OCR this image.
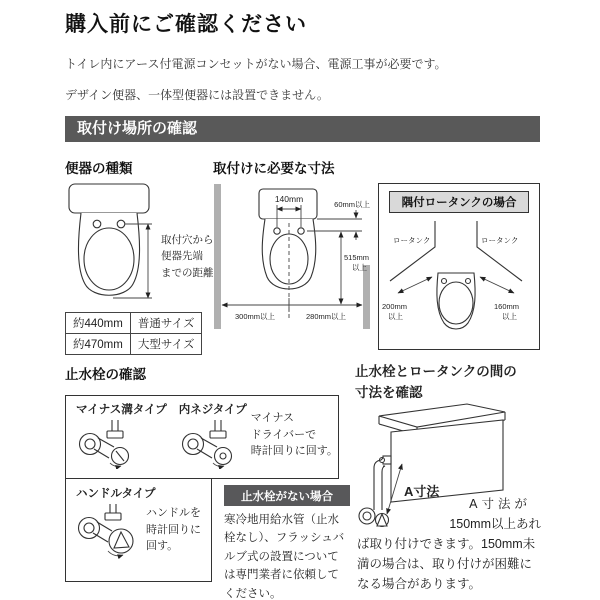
購入前にご確認ください
トイレ内にアース付電源コンセットがない場合、電源工事が必要です。
デザイン便器、一体型便器には設置できません。
取付け場所の確認
便器の種類
取付穴から
便器先端
までの距離
約440mm	普通サイズ
約470mm	大型サイズ
取付けに必要な寸法
140mm
60mm以上
515mm
以上
300mm以上	280mm以上
隅付ロータンクの場合
ロータンク	ロータンク
200mm
以上
160mm
以上
止水栓の確認
マイナス溝タイプ 内ネジタイプ
マイナス
ドライバーで
時計回りに回す。
ハンドルタイプ
ハンドルを
時計回りに
回す。
止水栓がない場合
寒冷地用給水管（止水栓なし）、フラッシュバルブ式の設置については専門業者に依頼してください。
止水栓とロータンクの間の
寸法を確認
A寸法
A寸法が
150mm以上あれ
ば取り付けできます。150mm未
満の場合は、取り付けが困難に
なる場合があります。
